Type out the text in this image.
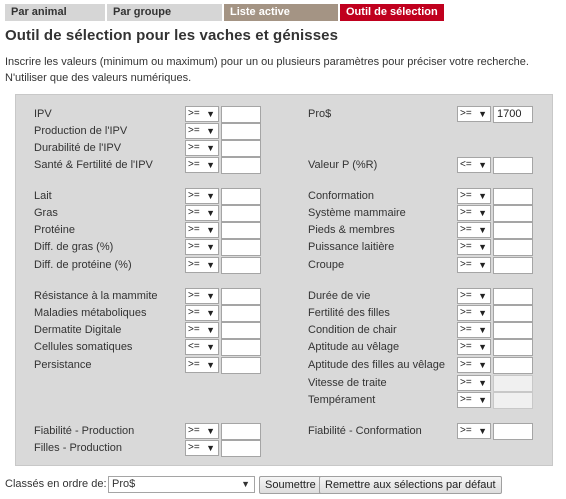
Par animal	Par groupe	Liste active	Outil de sélection
Outil de sélection pour les vaches et génisses

Inscrire les valeurs (minimum ou maximum) pour un ou plusieurs paramètres pour préciser votre recherche.
N'utiliser que des valeurs numériques.

IPV	>= ▼
Production de l'IPV	>= ▼
Durabilité de l'IPV	>= ▼
Santé & Fertilité de l'IPV	>= ▼
Lait	>= ▼
Gras	>= ▼
Protéine	>= ▼
Diff. de gras (%)	>= ▼
Diff. de protéine (%)	>= ▼
Résistance à la mammite	>= ▼
Maladies métaboliques	>= ▼
Dermatite Digitale	>= ▼
Cellules somatiques	<= ▼
Persistance	>= ▼
Fiabilité - Production	>= ▼
Filles - Production	>= ▼
Pro$	>= ▼ 1700
Valeur P (%R)	<= ▼
Conformation	>= ▼
Système mammaire	>= ▼
Pieds & membres	>= ▼
Puissance laitière	>= ▼
Croupe	>= ▼
Durée de vie	>= ▼
Fertilité des filles	>= ▼
Condition de chair	>= ▼
Aptitude au vêlage	>= ▼
Aptitude des filles au vêlage	>= ▼
Vitesse de traite	>= ▼
Tempérament	>= ▼
Fiabilité - Conformation	>= ▼
Classés en ordre de: Pro$	▼	Soumettre Remettre aux sélections par défaut
